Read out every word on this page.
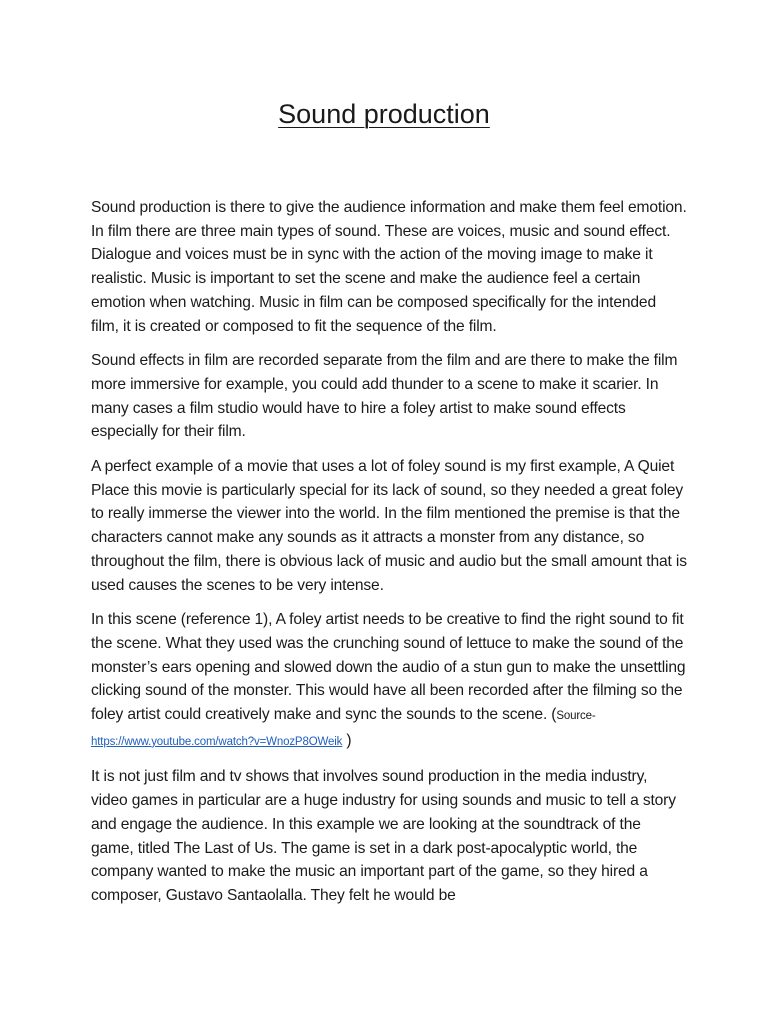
Sound production

Sound production is there to give the audience information and make them feel emotion. In film there are three main types of sound. These are voices, music and sound effect. Dialogue and voices must be in sync with the action of the moving image to make it realistic. Music is important to set the scene and make the audience feel a certain emotion when watching. Music in film can be composed specifically for the intended film, it is created or composed to fit the sequence of the film.

Sound effects in film are recorded separate from the film and are there to make the film more immersive for example, you could add thunder to a scene to make it scarier. In many cases a film studio would have to hire a foley artist to make sound effects especially for their film.

A perfect example of a movie that uses a lot of foley sound is my first example, A Quiet Place this movie is particularly special for its lack of sound, so they needed a great foley to really immerse the viewer into the world. In the film mentioned the premise is that the characters cannot make any sounds as it attracts a monster from any distance, so throughout the film, there is obvious lack of music and audio but the small amount that is used causes the scenes to be very intense.

In this scene (reference 1), A foley artist needs to be creative to find the right sound to fit the scene. What they used was the crunching sound of lettuce to make the sound of the monster’s ears opening and slowed down the audio of a stun gun to make the unsettling clicking sound of the monster. This would have all been recorded after the filming so the foley artist could creatively make and sync the sounds to the scene. (Source- https://www.youtube.com/watch?v=WnozP8OWeik )

It is not just film and tv shows that involves sound production in the media industry, video games in particular are a huge industry for using sounds and music to tell a story and engage the audience. In this example we are looking at the soundtrack of the game, titled The Last of Us. The game is set in a dark post-apocalyptic world, the company wanted to make the music an important part of the game, so they hired a composer, Gustavo Santaolalla. They felt he would be
